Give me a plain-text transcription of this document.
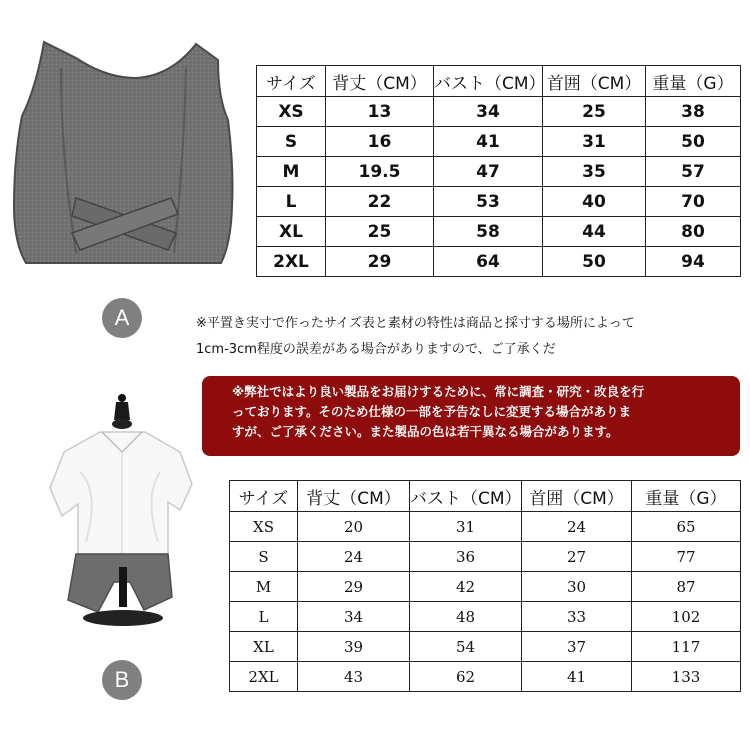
サイズ	背丈（CM）	バスト（CM）	首囲（CM）	重量（G）
XS	13	34	25	38
S	16	41	31	50
M	19.5	47	35	57
L	22	53	40	70
XL	25	58	44	80
2XL	29	64	50	94
A	※平置き実寸で作ったサイズ表と素材の特性は商品と採寸する場所によって
1cm-3cm程度の誤差がある場合がありますので、ご了承くだ
※弊社ではより良い製品をお届けするために、常に調査・研究・改良を行
っております。そのため仕様の一部を予告なしに変更する場合がありま
すが、ご了承ください。また製品の色は若干異なる場合があります。
サイズ	背丈（CM）	バスト（CM）	首囲（CM）	重量（G）
XS	20	31	24	65
S	24	36	27	77
M	29	42	30	87
L	34	48	33	102
XL	39	54	37	117
2XL	43	62	41	133
B
